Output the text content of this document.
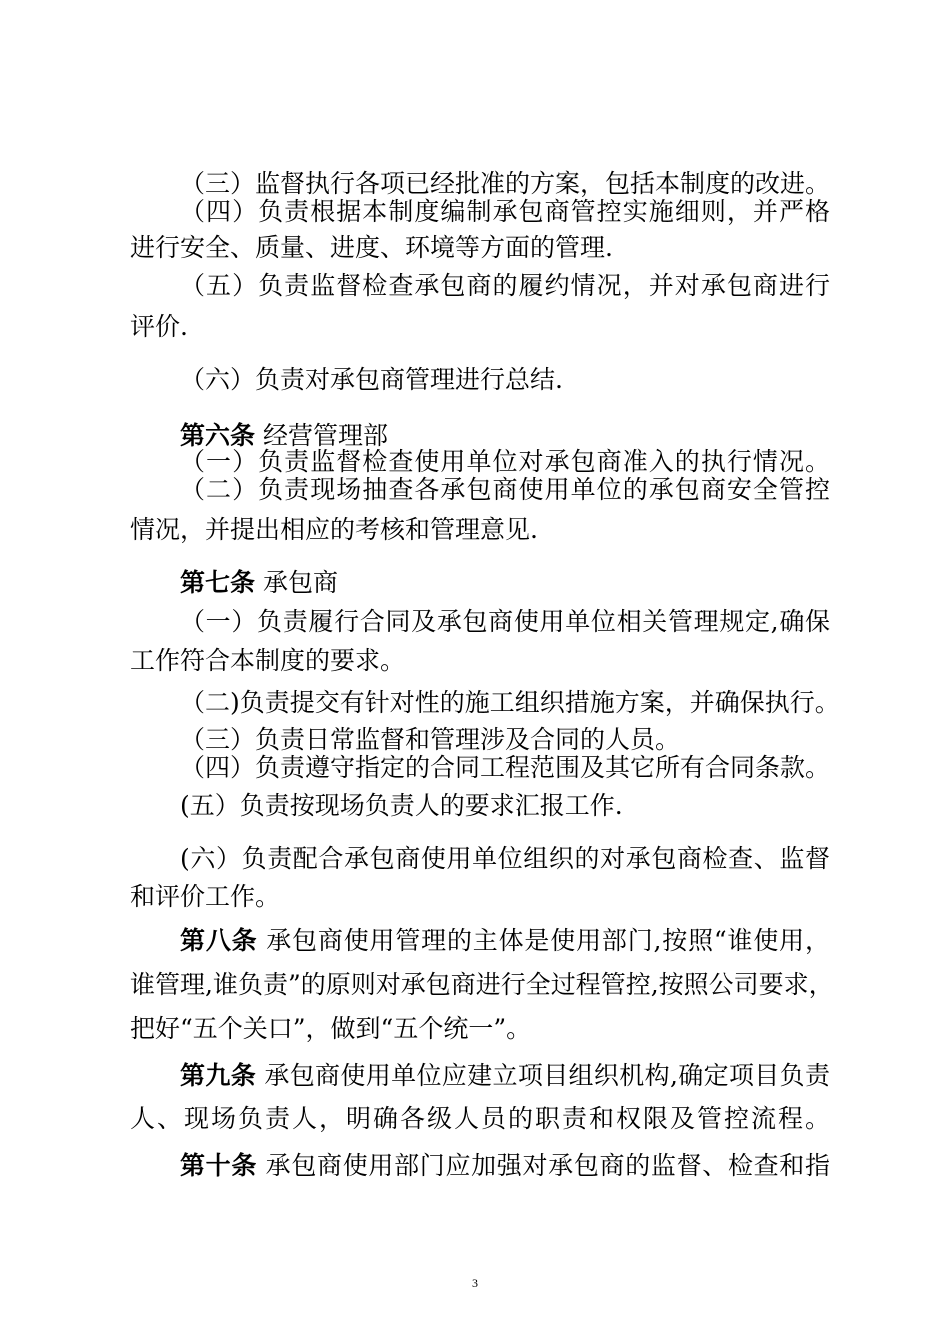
（三）监督执行各项已经批准的方案，包括本制度的改进。
（四）负责根据本制度编制承包商管控实施细则，并严格
进行安全、质量、进度、环境等方面的管理.
（五）负责监督检查承包商的履约情况，并对承包商进行
评价.
（六）负责对承包商管理进行总结.
第六条 经营管理部
（一）负责监督检查使用单位对承包商准入的执行情况。
（二）负责现场抽查各承包商使用单位的承包商安全管控
情况，并提出相应的考核和管理意见.
第七条 承包商
（一）负责履行合同及承包商使用单位相关管理规定,确保
工作符合本制度的要求。
（二)负责提交有针对性的施工组织措施方案，并确保执行。
（三）负责日常监督和管理涉及合同的人员。
（四）负责遵守指定的合同工程范围及其它所有合同条款。
(五）负责按现场负责人的要求汇报工作.
(六）负责配合承包商使用单位组织的对承包商检查、监督
和评价工作。
第八条 承包商使用管理的主体是使用部门,按照“谁使用，
谁管理,谁负责”的原则对承包商进行全过程管控,按照公司要求，
把好“五个关口”，做到“五个统一”。
第九条 承包商使用单位应建立项目组织机构,确定项目负责
人、现场负责人，明确各级人员的职责和权限及管控流程。
第十条 承包商使用部门应加强对承包商的监督、检查和指
3
